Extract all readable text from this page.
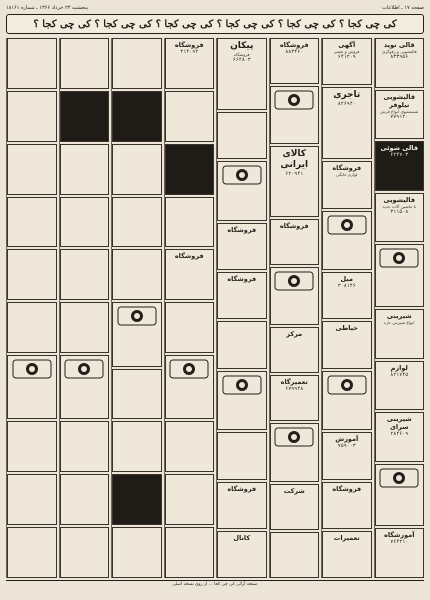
صفحه ۱۷ ـ اطلاعات
پنجشنبه ۲۳ خرداد ۱۳۶۶ ـ شماره ۱۸۱۶۱
کی چی کجا ؟ کی چی کجا ؟ کی چی کجا ؟ کی چی کجا ؟ کی چی کجا ؟ کی چی کجا ؟
قالی نوید
قالیشویی و رفوگری
۸۳۳۹۵۶
قالیشویی نیلوفر
شستشوی انواع فرش
۷۷۹۱۲۰
قالی شوئی
۶۲۴۷۰۳
قالیشویی
با ماشین آلات جدید
۳۱۱۵۰۸
شیرینی
انواع شیرینی تازه
لوازم
۸۲۱۷۴۵
شیرینی سرای
۲۸۴۶۰۹
آموزشگاه
۷۶۴۲۱۰
آگهی
فروش و تعمیر
۶۴۱۲۰۹
تاجری
۸۲۶۹۴۰
فروشگاه
لوازم خانگی
مبل
۳۰۸۱۴۶
خیاطی
آموزش
۷۵۹۰۰۳
فروشگاه
تعمیرات
فروشگاه
۸۸۳۴۶۰
کالای ایرانی
۶۲۰۹۴۱
فروشگاه
مرکز
تعمیرگاه
۶۷۹۹۴۸
شرکت
پیکان
فروشگاه
۶۶۴۸۰۳
فروشگاه
فروشگاه
فروشگاه
کانال
فروشگاه
۳۱۴۰۹۲
فروشگاه
صفحه آرائی کی چی کجا ... از روی نسخه اصلی
